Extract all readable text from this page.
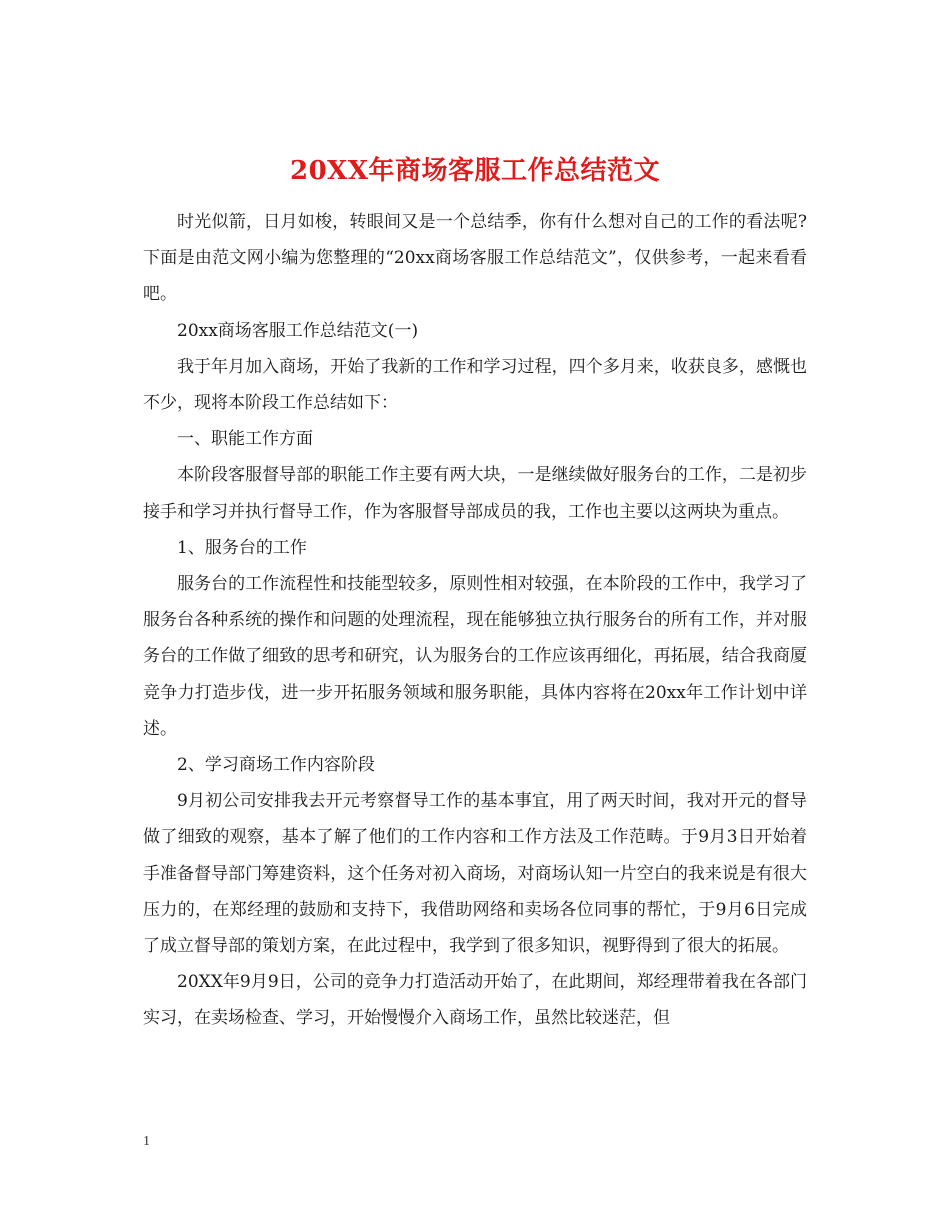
20XX年商场客服工作总结范文

时光似箭，日月如梭，转眼间又是一个总结季，你有什么想对自己的工作的看法呢?下面是由范文网小编为您整理的“20xx商场客服工作总结范文”，仅供参考，一起来看看吧。

20xx商场客服工作总结范文(一)

我于年月加入商场，开始了我新的工作和学习过程，四个多月来，收获良多，感慨也不少，现将本阶段工作总结如下：

一、职能工作方面

本阶段客服督导部的职能工作主要有两大块，一是继续做好服务台的工作，二是初步接手和学习并执行督导工作，作为客服督导部成员的我，工作也主要以这两块为重点。

1、服务台的工作

服务台的工作流程性和技能型较多，原则性相对较强，在本阶段的工作中，我学习了服务台各种系统的操作和问题的处理流程，现在能够独立执行服务台的所有工作，并对服务台的工作做了细致的思考和研究，认为服务台的工作应该再细化，再拓展，结合我商厦竞争力打造步伐，进一步开拓服务领域和服务职能，具体内容将在20xx年工作计划中详述。

2、学习商场工作内容阶段

9月初公司安排我去开元考察督导工作的基本事宜，用了两天时间，我对开元的督导做了细致的观察，基本了解了他们的工作内容和工作方法及工作范畴。于9月3日开始着手准备督导部门筹建资料，这个任务对初入商场，对商场认知一片空白的我来说是有很大压力的，在郑经理的鼓励和支持下，我借助网络和卖场各位同事的帮忙，于9月6日完成了成立督导部的策划方案，在此过程中，我学到了很多知识，视野得到了很大的拓展。

20XX年9月9日，公司的竞争力打造活动开始了，在此期间，郑经理带着我在各部门实习，在卖场检查、学习，开始慢慢介入商场工作，虽然比较迷茫，但

1
